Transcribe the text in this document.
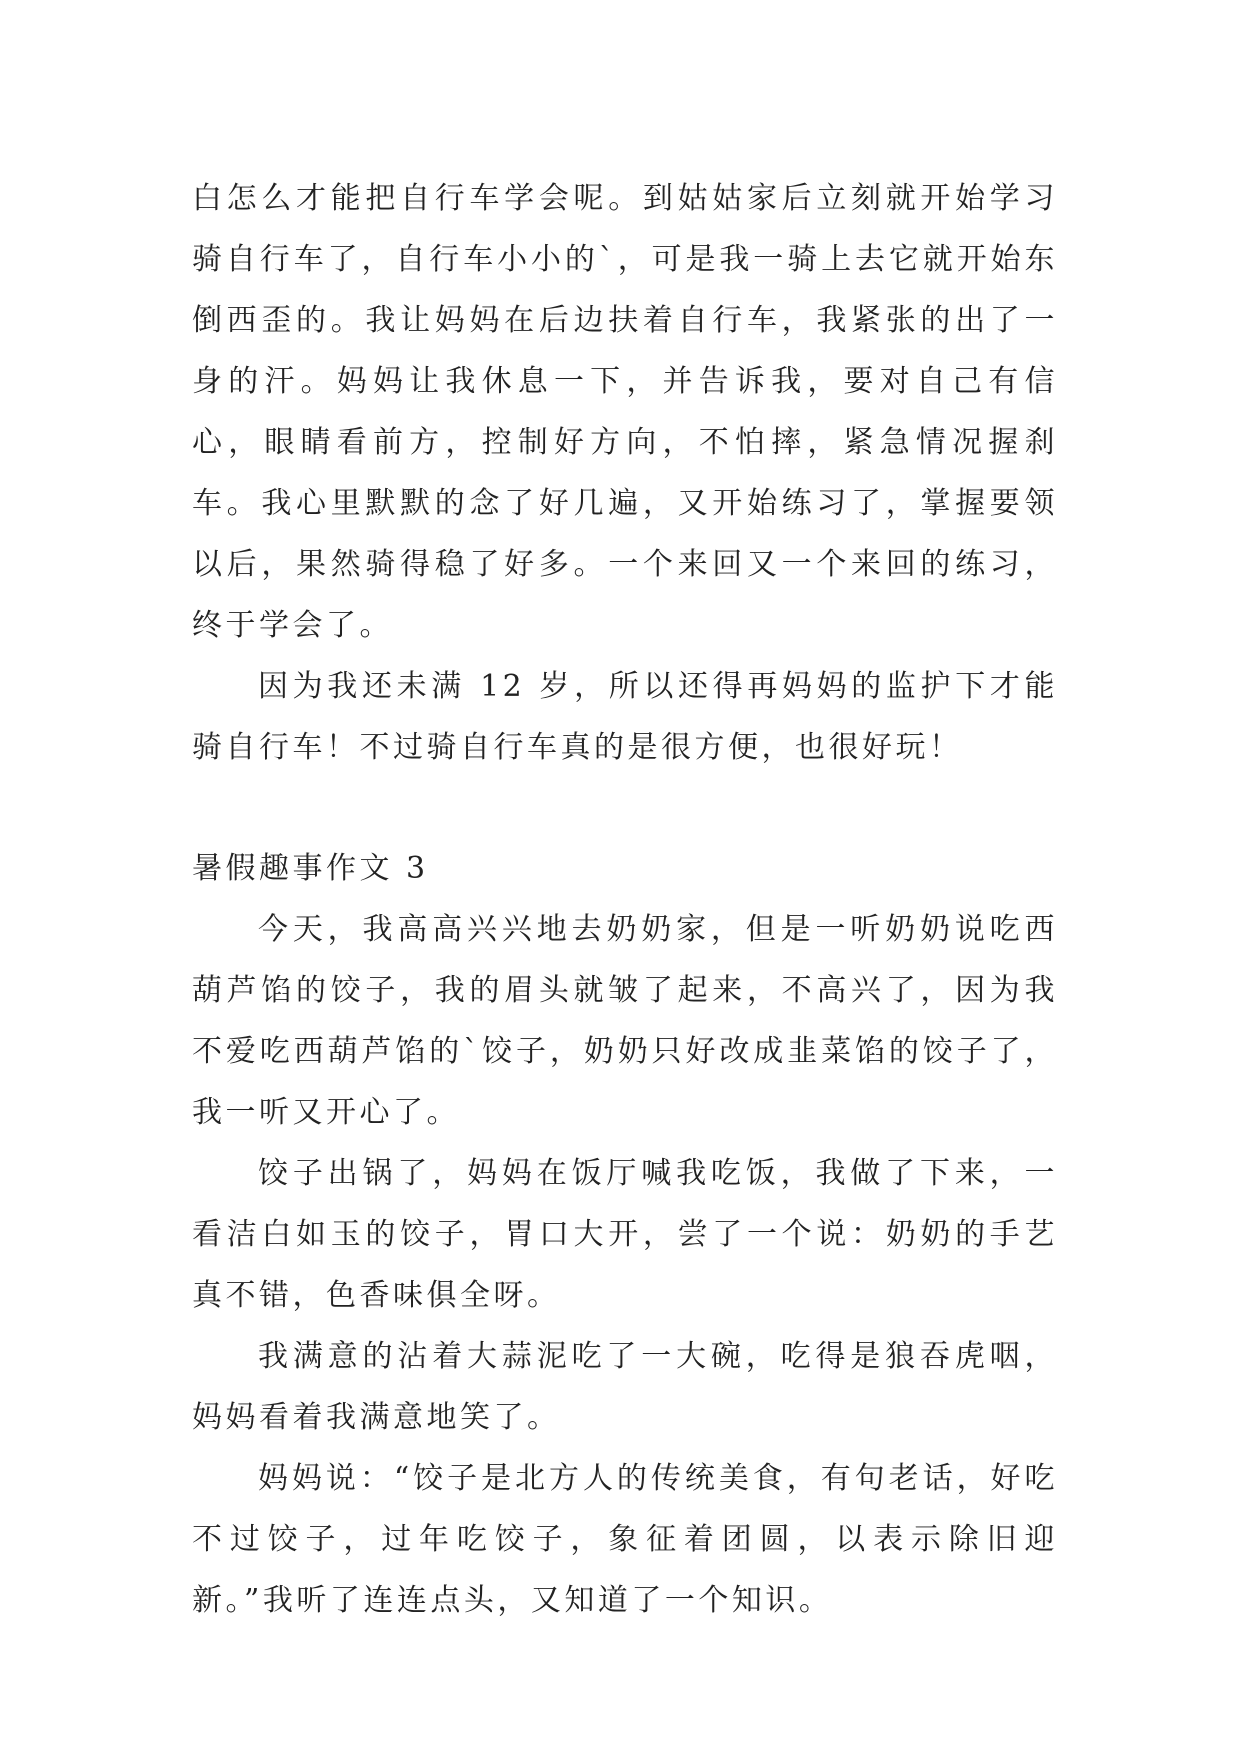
白怎么才能把自行车学会呢。到姑姑家后立刻就开始学习骑自行车了，自行车小小的`，可是我一骑上去它就开始东倒西歪的。我让妈妈在后边扶着自行车，我紧张的出了一身的汗。妈妈让我休息一下，并告诉我，要对自己有信心，眼睛看前方，控制好方向，不怕摔，紧急情况握刹车。我心里默默的念了好几遍，又开始练习了，掌握要领以后，果然骑得稳了好多。一个来回又一个来回的练习，终于学会了。

因为我还未满 12 岁，所以还得再妈妈的监护下才能骑自行车！不过骑自行车真的是很方便，也很好玩！

暑假趣事作文 3

今天，我高高兴兴地去奶奶家，但是一听奶奶说吃西葫芦馅的饺子，我的眉头就皱了起来，不高兴了，因为我不爱吃西葫芦馅的`饺子，奶奶只好改成韭菜馅的饺子了，我一听又开心了。

饺子出锅了，妈妈在饭厅喊我吃饭，我做了下来，一看洁白如玉的饺子，胃口大开，尝了一个说：奶奶的手艺真不错，色香味俱全呀。

我满意的沾着大蒜泥吃了一大碗，吃得是狼吞虎咽，妈妈看着我满意地笑了。

妈妈说：“饺子是北方人的传统美食，有句老话，好吃不过饺子，过年吃饺子，象征着团圆，以表示除旧迎新。”我听了连连点头，又知道了一个知识。
